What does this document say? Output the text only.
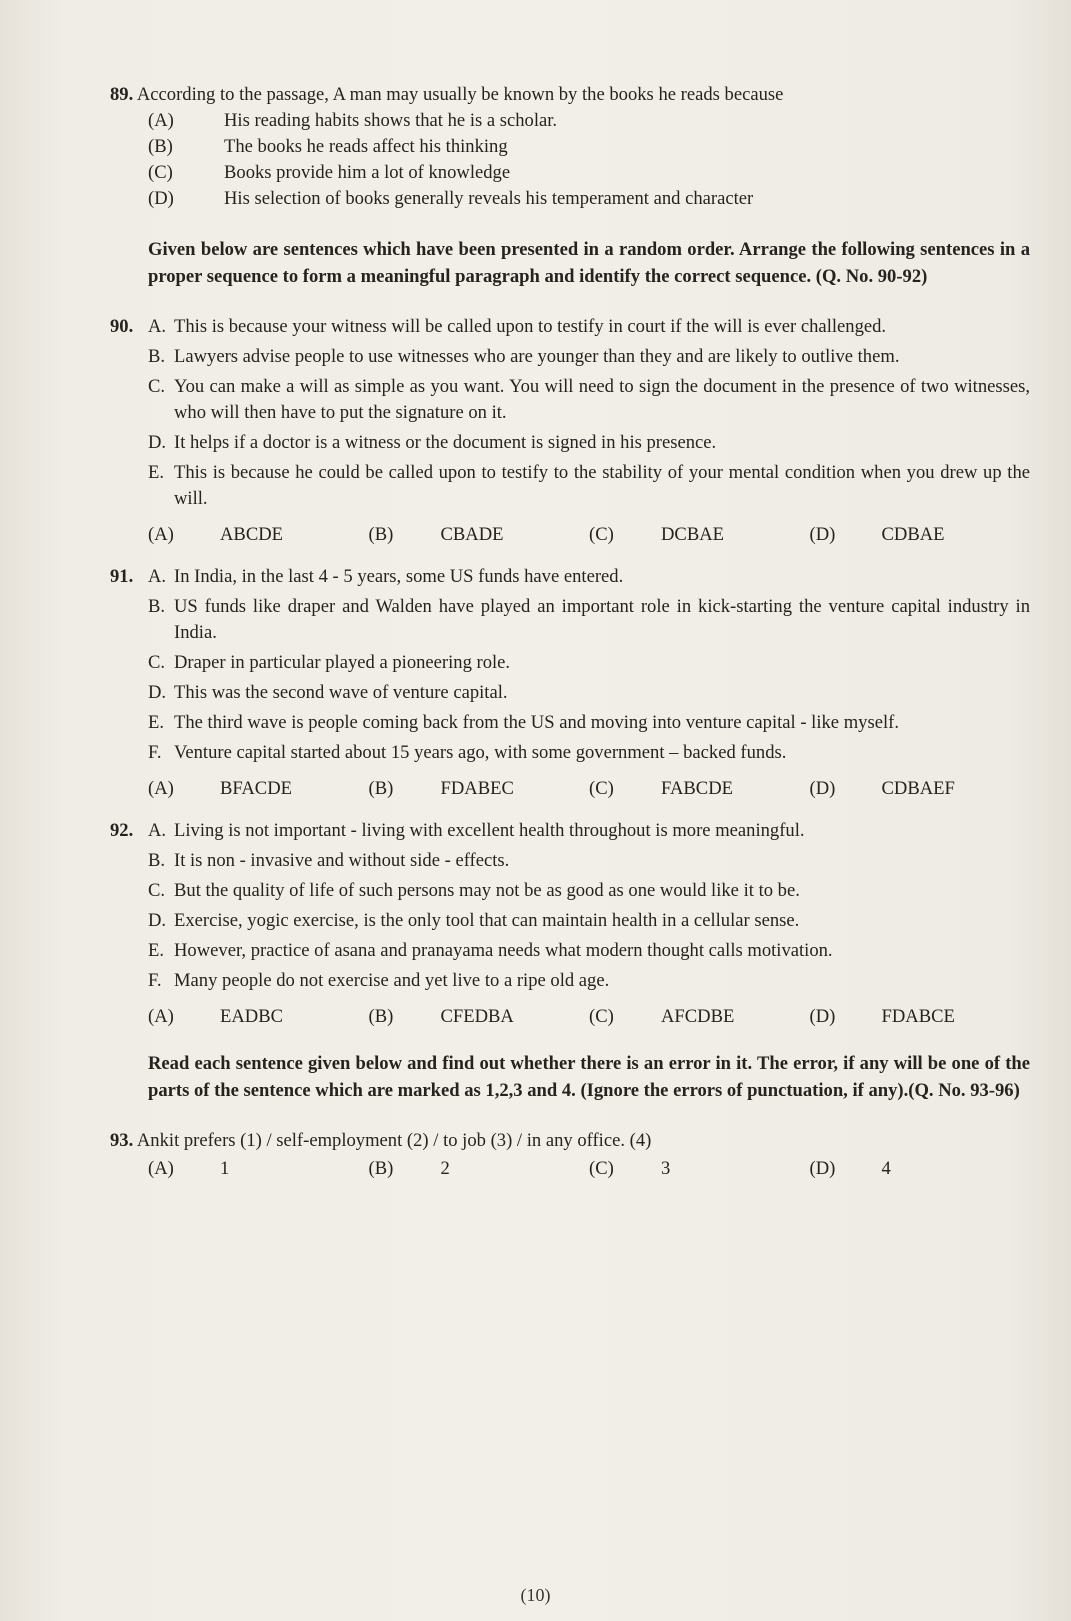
89. According to the passage, A man may usually be known by the books he reads because

(A)	His reading habits shows that he is a scholar.
(B)	The books he reads affect his thinking
(C)	Books provide him a lot of knowledge
(D)	His selection of books generally reveals his temperament and character

Given below are sentences which have been presented in a random order. Arrange the following sentences in a proper sequence to form a meaningful paragraph and identify the correct sequence. (Q. No. 90-92)

90. A. This is because your witness will be called upon to testify in court if the will is ever challenged.
B. Lawyers advise people to use witnesses who are younger than they and are likely to outlive them.
C. You can make a will as simple as you want. You will need to sign the document in the presence of two witnesses, who will then have to put the signature on it.
D. It helps if a doctor is a witness or the document is signed in his presence.
E. This is because he could be called upon to testify to the stability of your mental condition when you drew up the will.
(A)	ABCDE	(B)	CBADE	(C)	DCBAE	(D)	CDBAE
91. A. In India, in the last 4 - 5 years, some US funds have entered.
B. US funds like draper and Walden have played an important role in kick-starting the venture capital industry in India.
C. Draper in particular played a pioneering role.
D. This was the second wave of venture capital.
E. The third wave is people coming back from the US and moving into venture capital - like myself.
F. Venture capital started about 15 years ago, with some government – backed funds.
(A)	BFACDE	(B)	FDABEC	(C)	FABCDE	(D)	CDBAEF
92. A. Living is not important - living with excellent health throughout is more meaningful.
B. It is non - invasive and without side - effects.
C. But the quality of life of such persons may not be as good as one would like it to be.
D. Exercise, yogic exercise, is the only tool that can maintain health in a cellular sense.
E. However, practice of asana and pranayama needs what modern thought calls motivation.
F. Many people do not exercise and yet live to a ripe old age.
(A)	EADBC	(B)	CFEDBA	(C)	AFCDBE	(D)	FDABCE

Read each sentence given below and find out whether there is an error in it. The error, if any will be one of the parts of the sentence which are marked as 1,2,3 and 4. (Ignore the errors of punctuation, if any).(Q. No. 93-96)

93. Ankit prefers (1) / self-employment (2) / to job (3) / in any office. (4)

(A)	1	(B)	2	(C)	3	(D)	4
(10)
